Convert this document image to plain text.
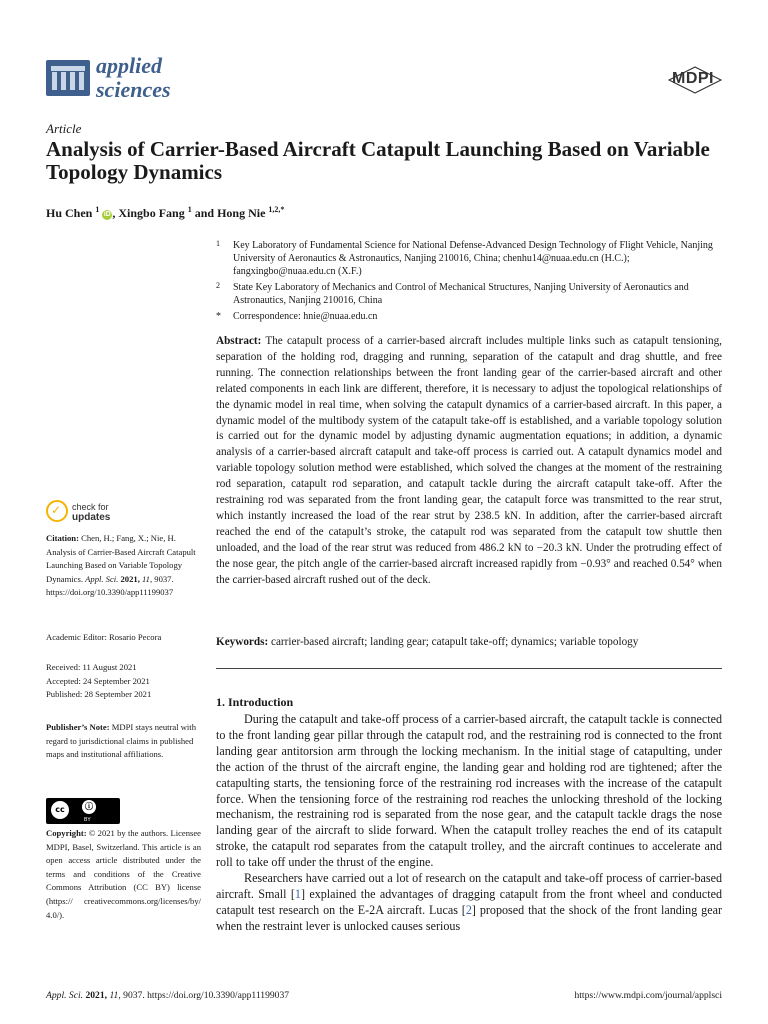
applied
sciences	MDPI
Article
Analysis of Carrier-Based Aircraft Catapult Launching Based on Variable Topology Dynamics
Hu Chen $^1$ iD , Xingbo Fang $^1$ and Hong Nie $^{1,2,*}$
1 Key Laboratory of Fundamental Science for National Defense-Advanced Design Technology of Flight Vehicle, Nanjing University of Aeronautics & Astronautics, Nanjing 210016, China; chenhu14@nuaa.edu.cn (H.C.); fangxingbo@nuaa.edu.cn (X.F.)
2 State Key Laboratory of Mechanics and Control of Mechanical Structures, Nanjing University of Aeronautics and Astronautics, Nanjing 210016, China
* Correspondence: hnie@nuaa.edu.cn
Abstract: The catapult process of a carrier-based aircraft includes multiple links such as catapult tensioning, separation of the holding rod, dragging and running, separation of the catapult and drag shuttle, and free running. The connection relationships between the front landing gear of the carrier-based aircraft and other related components in each link are different, therefore, it is necessary to adjust the topological relationships of the dynamic model in real time, when solving the catapult dynamics of a carrier-based aircraft. In this paper, a dynamic model of the multibody system of the catapult take-off is established, and a variable topology solution is carried out for the dynamic model by adjusting dynamic augmentation equations; in addition, a dynamic analysis of a carrier-based aircraft catapult and take-off process is carried out. A catapult dynamics model and variable topology solution method were established, which solved the changes at the moment of the restraining rod separation, catapult rod separation, and catapult tackle during the aircraft catapult take-off. After the restraining rod was separated from the front landing gear, the catapult force was transmitted to the rear strut, which instantly increased the load of the rear strut by 238.5 kN. In addition, after the carrier-based aircraft reached the end of the catapult’s stroke, the catapult rod was separated from the catapult tow shuttle then unloaded, and the load of the rear strut was reduced from 486.2 kN to −20.3 kN. Under the protruding effect of the nose gear, the pitch angle of the carrier-based aircraft increased rapidly from −0.93° and reached 0.54° when the carrier-based aircraft rushed out of the deck.
Keywords: carrier-based aircraft; landing gear; catapult take-off; dynamics; variable topology
1. Introduction

During the catapult and take-off process of a carrier-based aircraft, the catapult tackle is connected to the front landing gear pillar through the catapult rod, and the restraining rod is connected to the front landing gear antitorsion arm through the locking mechanism. In the initial stage of catapulting, under the action of the thrust of the aircraft engine, the landing gear and holding rod are tightened; after the catapulting starts, the tensioning force of the restraining rod increases with the increase of the catapult force. When the tensioning force of the restraining rod reaches the unlocking threshold of the locking mechanism, the restraining rod is separated from the nose gear, and the catapult tackle drags the nose landing gear of the aircraft to slide forward. When the catapult trolley reaches the end of its catapult stroke, the catapult rod separates from the catapult trolley, and the aircraft continues to accelerate and roll to take off under the thrust of the engine.

Researchers have carried out a lot of research on the catapult and take-off process of carrier-based aircraft. Small [1] explained the advantages of dragging catapult from the front wheel and conducted catapult test research on the E-2A aircraft. Lucas [2] proposed that the shock of the front landing gear when the restraint lever is unlocked causes serious

✓ check for
updates
Citation: Chen, H.; Fang, X.; Nie, H. Analysis of Carrier-Based Aircraft Catapult Launching Based on Variable Topology Dynamics. Appl. Sci. 2021, 11, 9037. https://doi.org/10.3390/app11199037
Academic Editor: Rosario Pecora
Received: 11 August 2021
Accepted: 24 September 2021
Published: 28 September 2021
Publisher’s Note: MDPI stays neutral with regard to jurisdictional claims in published maps and institutional affiliations.
cc	ⓘ
BY
Copyright: © 2021 by the authors. Licensee MDPI, Basel, Switzerland. This article is an open access article distributed under the terms and conditions of the Creative Commons Attribution (CC BY) license (https:// creativecommons.org/licenses/by/ 4.0/).
Appl. Sci. 2021, 11, 9037. https://doi.org/10.3390/app11199037	https://www.mdpi.com/journal/applsci
